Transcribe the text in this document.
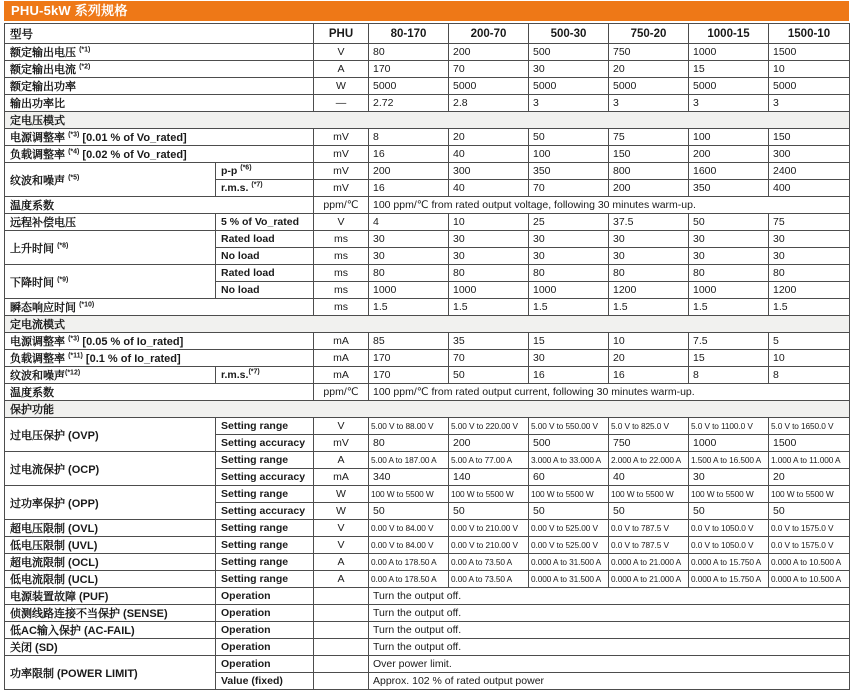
PHU-5kW 系列规格
型号		PHU	80-170	200-70	500-30	750-20	1000-15	1500-10
额定输出电压 $^{(*1)}$		V	80	200	500	750	1000	1500
额定输出电流 $^{(*2)}$		A	170	70	30	20	15	10
额定输出功率		W	5000	5000	5000	5000	5000	5000
输出功率比		—	2.72	2.8	3	3	3	3
定电压模式								
电源调整率 $^{(*3)}$ [0.01 % of Vo_rated]		mV	8	20	50	75	100	150
负载调整率 $^{(*4)}$ [0.02 % of Vo_rated]		mV	16	40	100	150	200	300
纹波和噪声 $^{(*5)}$	p-p $^{(*6)}$	mV	200	300	350	800	1600	2400
	r.m.s. $^{(*7)}$	mV	16	40	70	200	350	400
温度系数		ppm/℃	100 ppm/℃ from rated output voltage, following 30 minutes warm-up.					
远程补偿电压	5 % of Vo_rated	V	4	10	25	37.5	50	75
上升时间 $^{(*8)}$	Rated load	ms	30	30	30	30	30	30
	No load	ms	30	30	30	30	30	30
下降时间 $^{(*9)}$	Rated load	ms	80	80	80	80	80	80
	No load	ms	1000	1000	1000	1200	1000	1200
瞬态响应时间 $^{(*10)}$		ms	1.5	1.5	1.5	1.5	1.5	1.5
定电流模式								
电源调整率 $^{(*3)}$ [0.05 % of Io_rated]		mA	85	35	15	10	7.5	5
负载调整率 $^{(*11)}$ [0.1 % of Io_rated]		mA	170	70	30	20	15	10
纹波和噪声$^{(*12)}$	r.m.s.$^{(*7)}$	mA	170	50	16	16	8	8
温度系数		ppm/℃	100 ppm/℃ from rated output current, following 30 minutes warm-up.					
保护功能								
过电压保护 (OVP)	Setting range	V	5.00 V to 88.00 V	5.00 V to 220.00 V	5.00 V to 550.00 V	5.0 V to 825.0 V	5.0 V to 1100.0 V	5.0 V to 1650.0 V
	Setting accuracy	mV	80	200	500	750	1000	1500
过电流保护 (OCP)	Setting range	A	5.00 A to 187.00 A	5.00 A to 77.00 A	3.000 A to 33.000 A	2.000 A to 22.000 A	1.500 A to 16.500 A	1.000 A to 11.000 A
	Setting accuracy	mA	340	140	60	40	30	20
过功率保护 (OPP)	Setting range	W	100 W to 5500 W	100 W to 5500 W	100 W to 5500 W	100 W to 5500 W	100 W to 5500 W	100 W to 5500 W
	Setting accuracy	W	50	50	50	50	50	50
超电压限制 (OVL)	Setting range	V	0.00 V to 84.00 V	0.00 V to 210.00 V	0.00 V to 525.00 V	0.0 V to 787.5 V	0.0 V to 1050.0 V	0.0 V to 1575.0 V
低电压限制 (UVL)	Setting range	V	0.00 V to 84.00 V	0.00 V to 210.00 V	0.00 V to 525.00 V	0.0 V to 787.5 V	0.0 V to 1050.0 V	0.0 V to 1575.0 V
超电流限制 (OCL)	Setting range	A	0.00 A to 178.50 A	0.00 A to 73.50 A	0.000 A to 31.500 A	0.000 A to 21.000 A	0.000 A to 15.750 A	0.000 A to 10.500 A
低电流限制 (UCL)	Setting range	A	0.00 A to 178.50 A	0.00 A to 73.50 A	0.000 A to 31.500 A	0.000 A to 21.000 A	0.000 A to 15.750 A	0.000 A to 10.500 A
电源装置故障 (PUF)	Operation		Turn the output off.					
侦测线路连接不当保护 (SENSE)	Operation		Turn the output off.					
低AC输入保护 (AC-FAIL)	Operation		Turn the output off.					
关闭 (SD)	Operation		Turn the output off.					
功率限制 (POWER LIMIT)	Operation		Over power limit.					
	Value (fixed)		Approx. 102 % of rated output power					
